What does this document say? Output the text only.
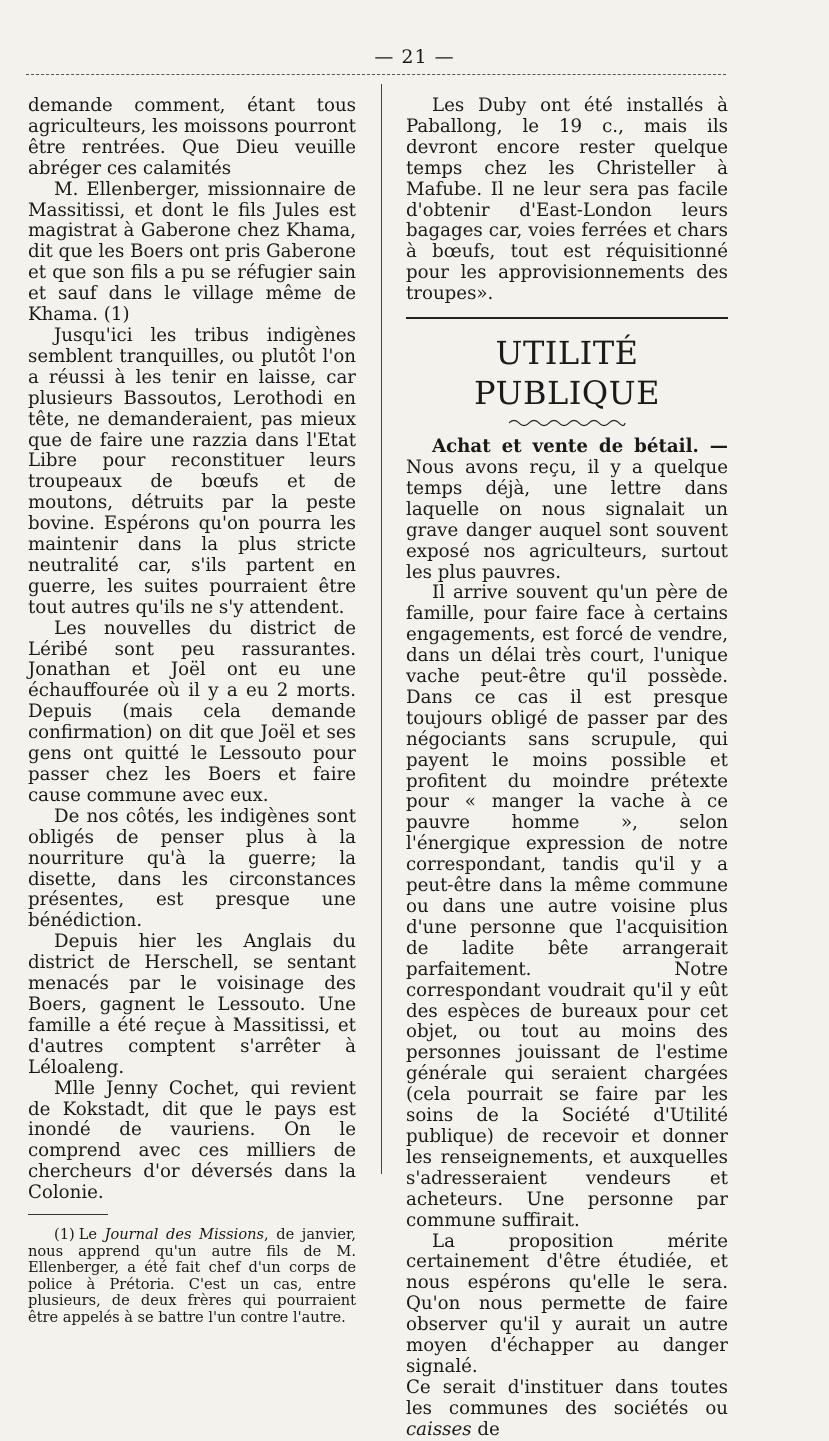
— 21 —

demande comment, étant tous agriculteurs, les moissons pourront être rentrées. Que Dieu veuille abréger ces calamités

M. Ellenberger, missionnaire de Massitissi, et dont le fils Jules est magistrat à Gaberone chez Khama, dit que les Boers ont pris Gaberone et que son fils a pu se réfugier sain et sauf dans le village même de Khama. (1)

Jusqu'ici les tribus indigènes semblent tranquilles, ou plutôt l'on a réussi à les tenir en laisse, car plusieurs Bassoutos, Lerothodi en tête, ne demanderaient, pas mieux que de faire une razzia dans l'Etat Libre pour reconstituer leurs troupeaux de bœufs et de moutons, détruits par la peste bovine. Espérons qu'on pourra les maintenir dans la plus stricte neutralité car, s'ils partent en guerre, les suites pourraient être tout autres qu'ils ne s'y attendent.

Les nouvelles du district de Léribé sont peu rassurantes. Jonathan et Joël ont eu une échauffourée où il y a eu 2 morts. Depuis (mais cela demande confirmation) on dit que Joël et ses gens ont quitté le Lessouto pour passer chez les Boers et faire cause commune avec eux.

De nos côtés, les indigènes sont obligés de penser plus à la nourriture qu'à la guerre; la disette, dans les circonstances présentes, est presque une bénédiction.

Depuis hier les Anglais du district de Herschell, se sentant menacés par le voisinage des Boers, gagnent le Lessouto. Une famille a été reçue à Massitissi, et d'autres comptent s'arrêter à Léloaleng.

Mlle Jenny Cochet, qui revient de Kokstadt, dit que le pays est inondé de vauriens. On le comprend avec ces milliers de chercheurs d'or déversés dans la Colonie.

(1) Le Journal des Missions, de janvier, nous apprend qu'un autre fils de M. Ellenberger, a été fait chef d'un corps de police à Prétoria. C'est un cas, entre plusieurs, de deux frères qui pourraient être appelés à se battre l'un contre l'autre.

Les Duby ont été installés à Paballong, le 19 c., mais ils devront encore rester quelque temps chez les Christeller à Mafube. Il ne leur sera pas facile d'obtenir d'East-London leurs bagages car, voies ferrées et chars à bœufs, tout est réquisitionné pour les approvisionnements des troupes».

UTILITÉ PUBLIQUE

Achat et vente de bétail. — Nous avons reçu, il y a quelque temps déjà, une lettre dans laquelle on nous signalait un grave danger auquel sont souvent exposé nos agriculteurs, surtout les plus pauvres.

Il arrive souvent qu'un père de famille, pour faire face à certains engagements, est forcé de vendre, dans un délai très court, l'unique vache peut-être qu'il possède. Dans ce cas il est presque toujours obligé de passer par des négociants sans scrupule, qui payent le moins possible et profitent du moindre prétexte pour « manger la vache à ce pauvre homme », selon l'énergique expression de notre correspondant, tandis qu'il y a peut-être dans la même commune ou dans une autre voisine plus d'une personne que l'acquisition de ladite bête arrangerait parfaitement. Notre correspondant voudrait qu'il y eût des espèces de bureaux pour cet objet, ou tout au moins des personnes jouissant de l'estime générale qui seraient chargées (cela pourrait se faire par les soins de la Société d'Utilité publique) de recevoir et donner les renseignements, et auxquelles s'adresseraient vendeurs et acheteurs. Une personne par commune suffirait.

La proposition mérite certainement d'être étudiée, et nous espérons qu'elle le sera. Qu'on nous permette de faire observer qu'il y aurait un autre moyen d'échapper au danger signalé.

Ce serait d'instituer dans toutes les communes des sociétés ou caisses de
